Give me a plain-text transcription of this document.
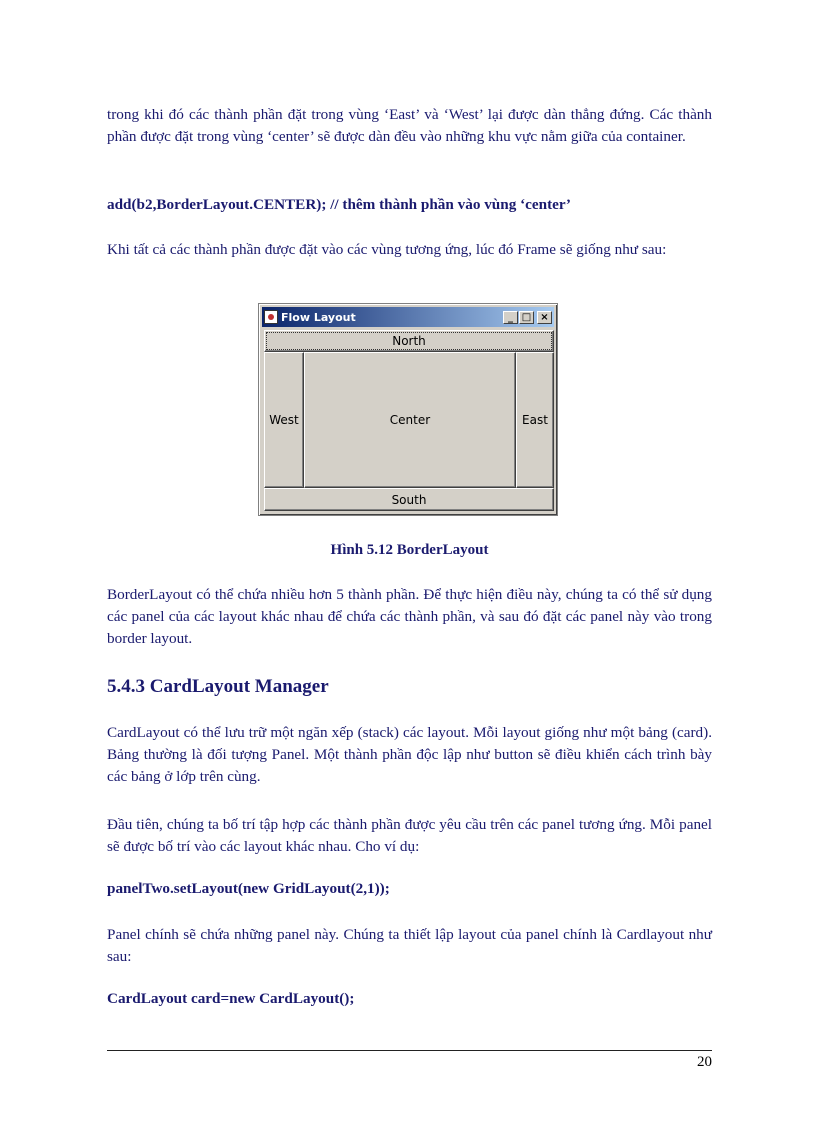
trong khi đó các thành phần đặt trong vùng ‘East’ và ‘West’ lại được dàn thẳng đứng. Các thành phần được đặt trong vùng ‘center’ sẽ được dàn đều vào những khu vực nằm giữa của container.

add(b2,BorderLayout.CENTER); // thêm thành phần vào vùng ‘center’

Khi tất cả các thành phần được đặt vào các vùng tương ứng, lúc đó Frame sẽ giống như sau:

Hình 5.12 BorderLayout

BorderLayout có thể chứa nhiều hơn 5 thành phần. Để thực hiện điều này, chúng ta có thể sử dụng các panel của các layout khác nhau để chứa các thành phần, và sau đó đặt các panel này vào trong border layout.

5.4.3 CardLayout Manager

CardLayout có thể lưu trữ một ngăn xếp (stack) các layout. Mỗi layout giống như một bảng (card). Bảng thường là đối tượng Panel. Một thành phần độc lập như button sẽ điều khiển cách trình bày các bảng ở lớp trên cùng.

Đầu tiên, chúng ta bố trí tập hợp các thành phần được yêu cầu trên các panel tương ứng. Mỗi panel sẽ được bố trí vào các layout khác nhau. Cho ví dụ:

panelTwo.setLayout(new GridLayout(2,1));

Panel chính sẽ chứa những panel này. Chúng ta thiết lập layout của panel chính là Cardlayout như sau:

CardLayout card=new CardLayout();

20
Flow Layout	_ □ ×
North
West	Center	East
South
